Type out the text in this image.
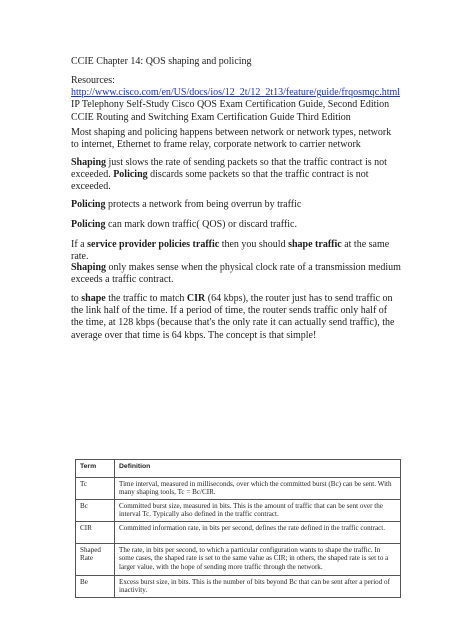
CCIE Chapter 14: QOS shaping and policing
Resources:
http://www.cisco.com/en/US/docs/ios/12_2t/12_2t13/feature/guide/frqosmqc.html
IP Telephony Self-Study Cisco QOS Exam Certification Guide, Second Edition
CCIE Routing and Switching Exam Certification Guide Third Edition
Most shaping and policing happens between network or network types, network to internet, Ethernet to frame relay, corporate network to carrier network
Shaping just slows the rate of sending packets so that the traffic contract is not exceeded. Policing discards some packets so that the traffic contract is not exceeded.
Policing protects a network from being overrun by traffic
Policing can mark down traffic( QOS) or discard traffic.
If a service provider policies traffic then you should shape traffic at the same rate.
Shaping only makes sense when the physical clock rate of a transmission medium exceeds a traffic contract.
to shape the traffic to match CIR (64 kbps), the router just has to send traffic on the link half of the time. If a period of time, the router sends traffic only half of the time, at 128 kbps (because that's the only rate it can actually send traffic), the average over that time is 64 kbps. The concept is that simple!
Term	Definition
Tc	Time interval, measured in milliseconds, over which the committed burst (Bc) can be sent. With many shaping tools, Tc = Bc/CIR.
Bc	Committed burst size, measured in bits. This is the amount of traffic that can be sent over the interval Tc. Typically also defined in the traffic contract.
CIR	Committed information rate, in bits per second, defines the rate defined in the traffic contract.
Shaped Rate	The rate, in bits per second, to which a particular configuration wants to shape the traffic. In some cases, the shaped rate is set to the same value as CIR; in others, the shaped rate is set to a larger value, with the hope of sending more traffic through the network.
Be	Excess burst size, in bits. This is the number of bits beyond Bc that can be sent after a period of inactivity.
